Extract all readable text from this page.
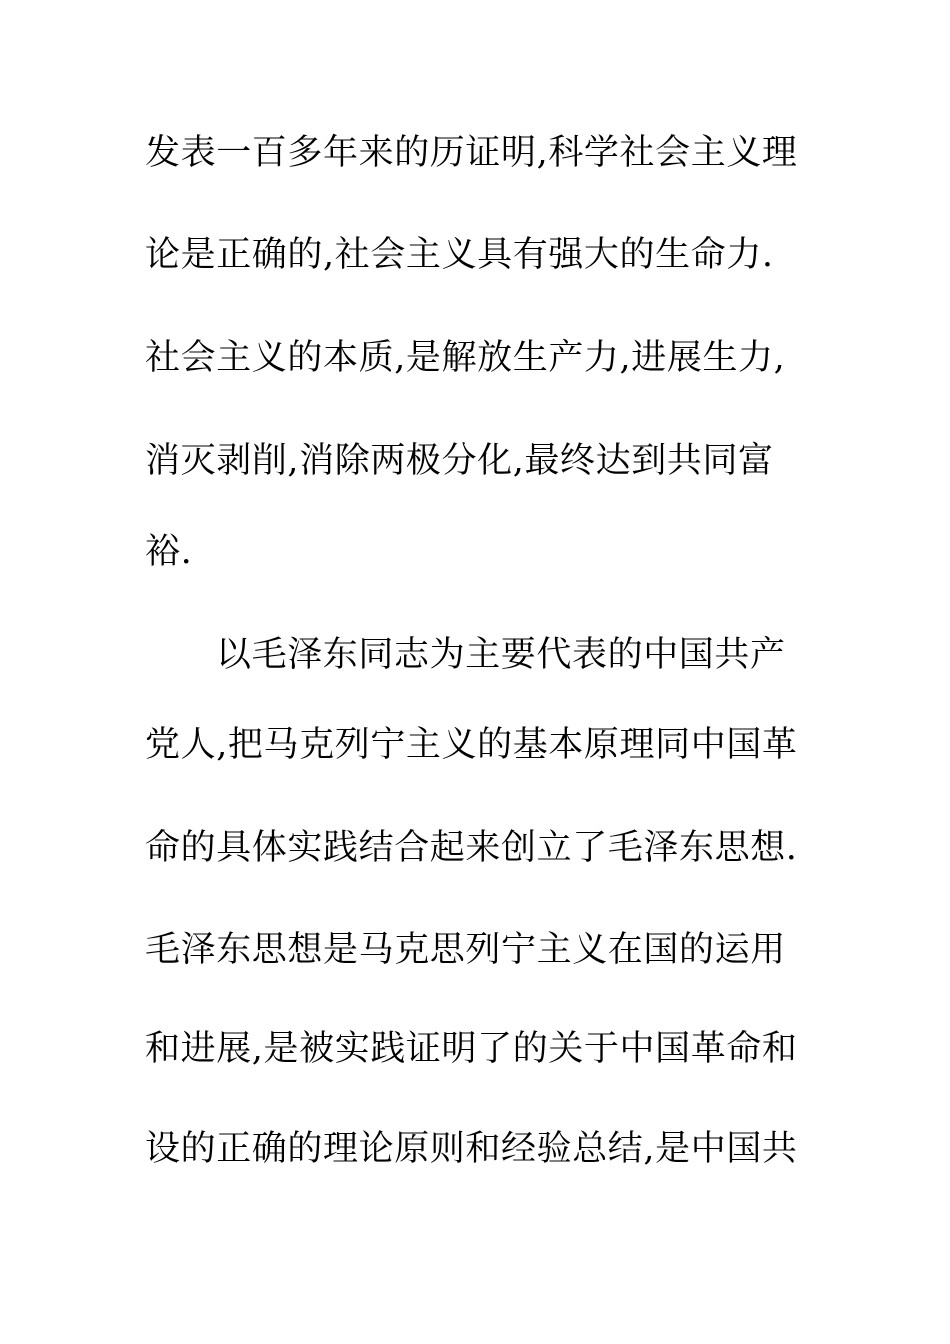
发表一百多年来的历证明,科学社会主义理
论是正确的,社会主义具有强大的生命力.
社会主义的本质,是解放生产力,进展生力,
消灭剥削,消除两极分化,最终达到共同富
裕.
以毛泽东同志为主要代表的中国共产
党人,把马克列宁主义的基本原理同中国革
命的具体实践结合起来创立了毛泽东思想.
毛泽东思想是马克思列宁主义在国的运用
和进展,是被实践证明了的关于中国革命和
设的正确的理论原则和经验总结,是中国共
